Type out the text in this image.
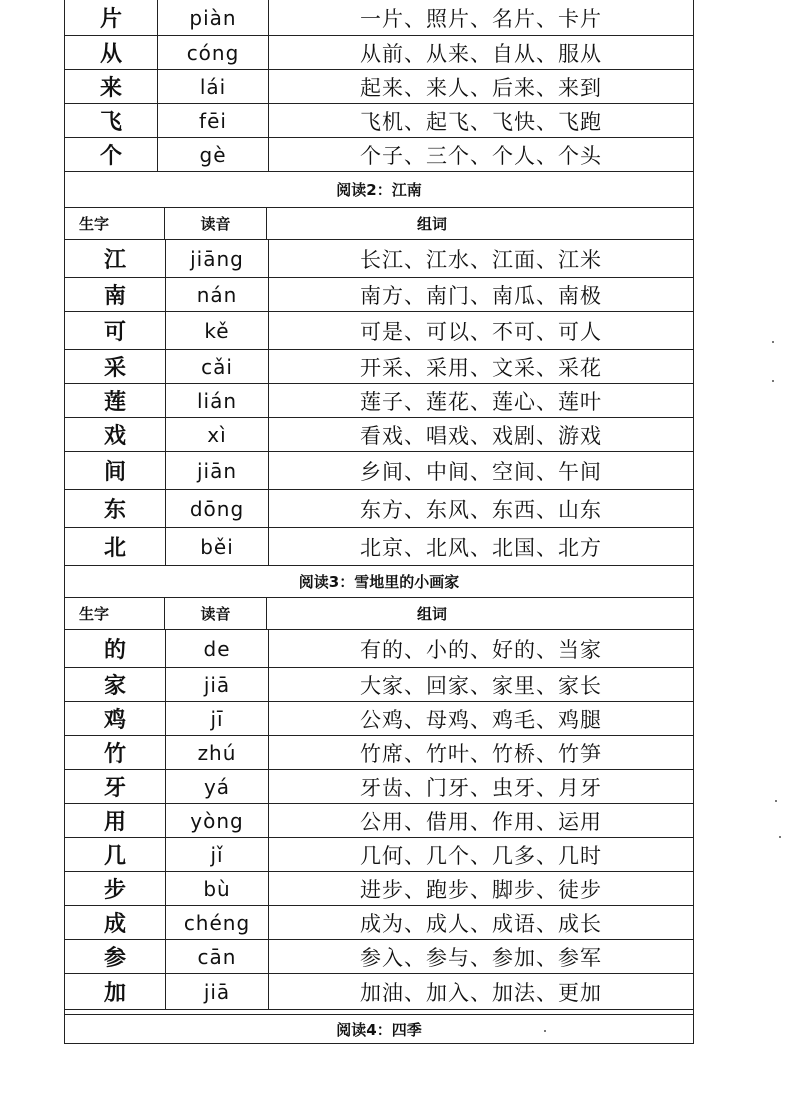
片	piàn	一片、照片、名片、卡片
从	cóng	从前、从来、自从、服从
来	lái	起来、来人、后来、来到
飞	fēi	飞机、起飞、飞快、飞跑
个	gè	个子、三个、个人、个头
阅读2：江南
生字	读音	组词
江	jiāng	长江、江水、江面、江米
南	nán	南方、南门、南瓜、南极
可	kě	可是、可以、不可、可人
采	cǎi	开采、采用、文采、采花
莲	lián	莲子、莲花、莲心、莲叶
戏	xì	看戏、唱戏、戏剧、游戏
间	jiān	乡间、中间、空间、午间
东	dōng	东方、东风、东西、山东
北	běi	北京、北风、北国、北方
阅读3：雪地里的小画家
生字	读音	组词
的	de	有的、小的、好的、当家
家	jiā	大家、回家、家里、家长
鸡	jī	公鸡、母鸡、鸡毛、鸡腿
竹	zhú	竹席、竹叶、竹桥、竹笋
牙	yá	牙齿、门牙、虫牙、月牙
用	yòng	公用、借用、作用、运用
几	jǐ	几何、几个、几多、几时
步	bù	进步、跑步、脚步、徒步
成	chéng	成为、成人、成语、成长
参	cān	参入、参与、参加、参军
加	jiā	加油、加入、加法、更加
阅读4：四季
